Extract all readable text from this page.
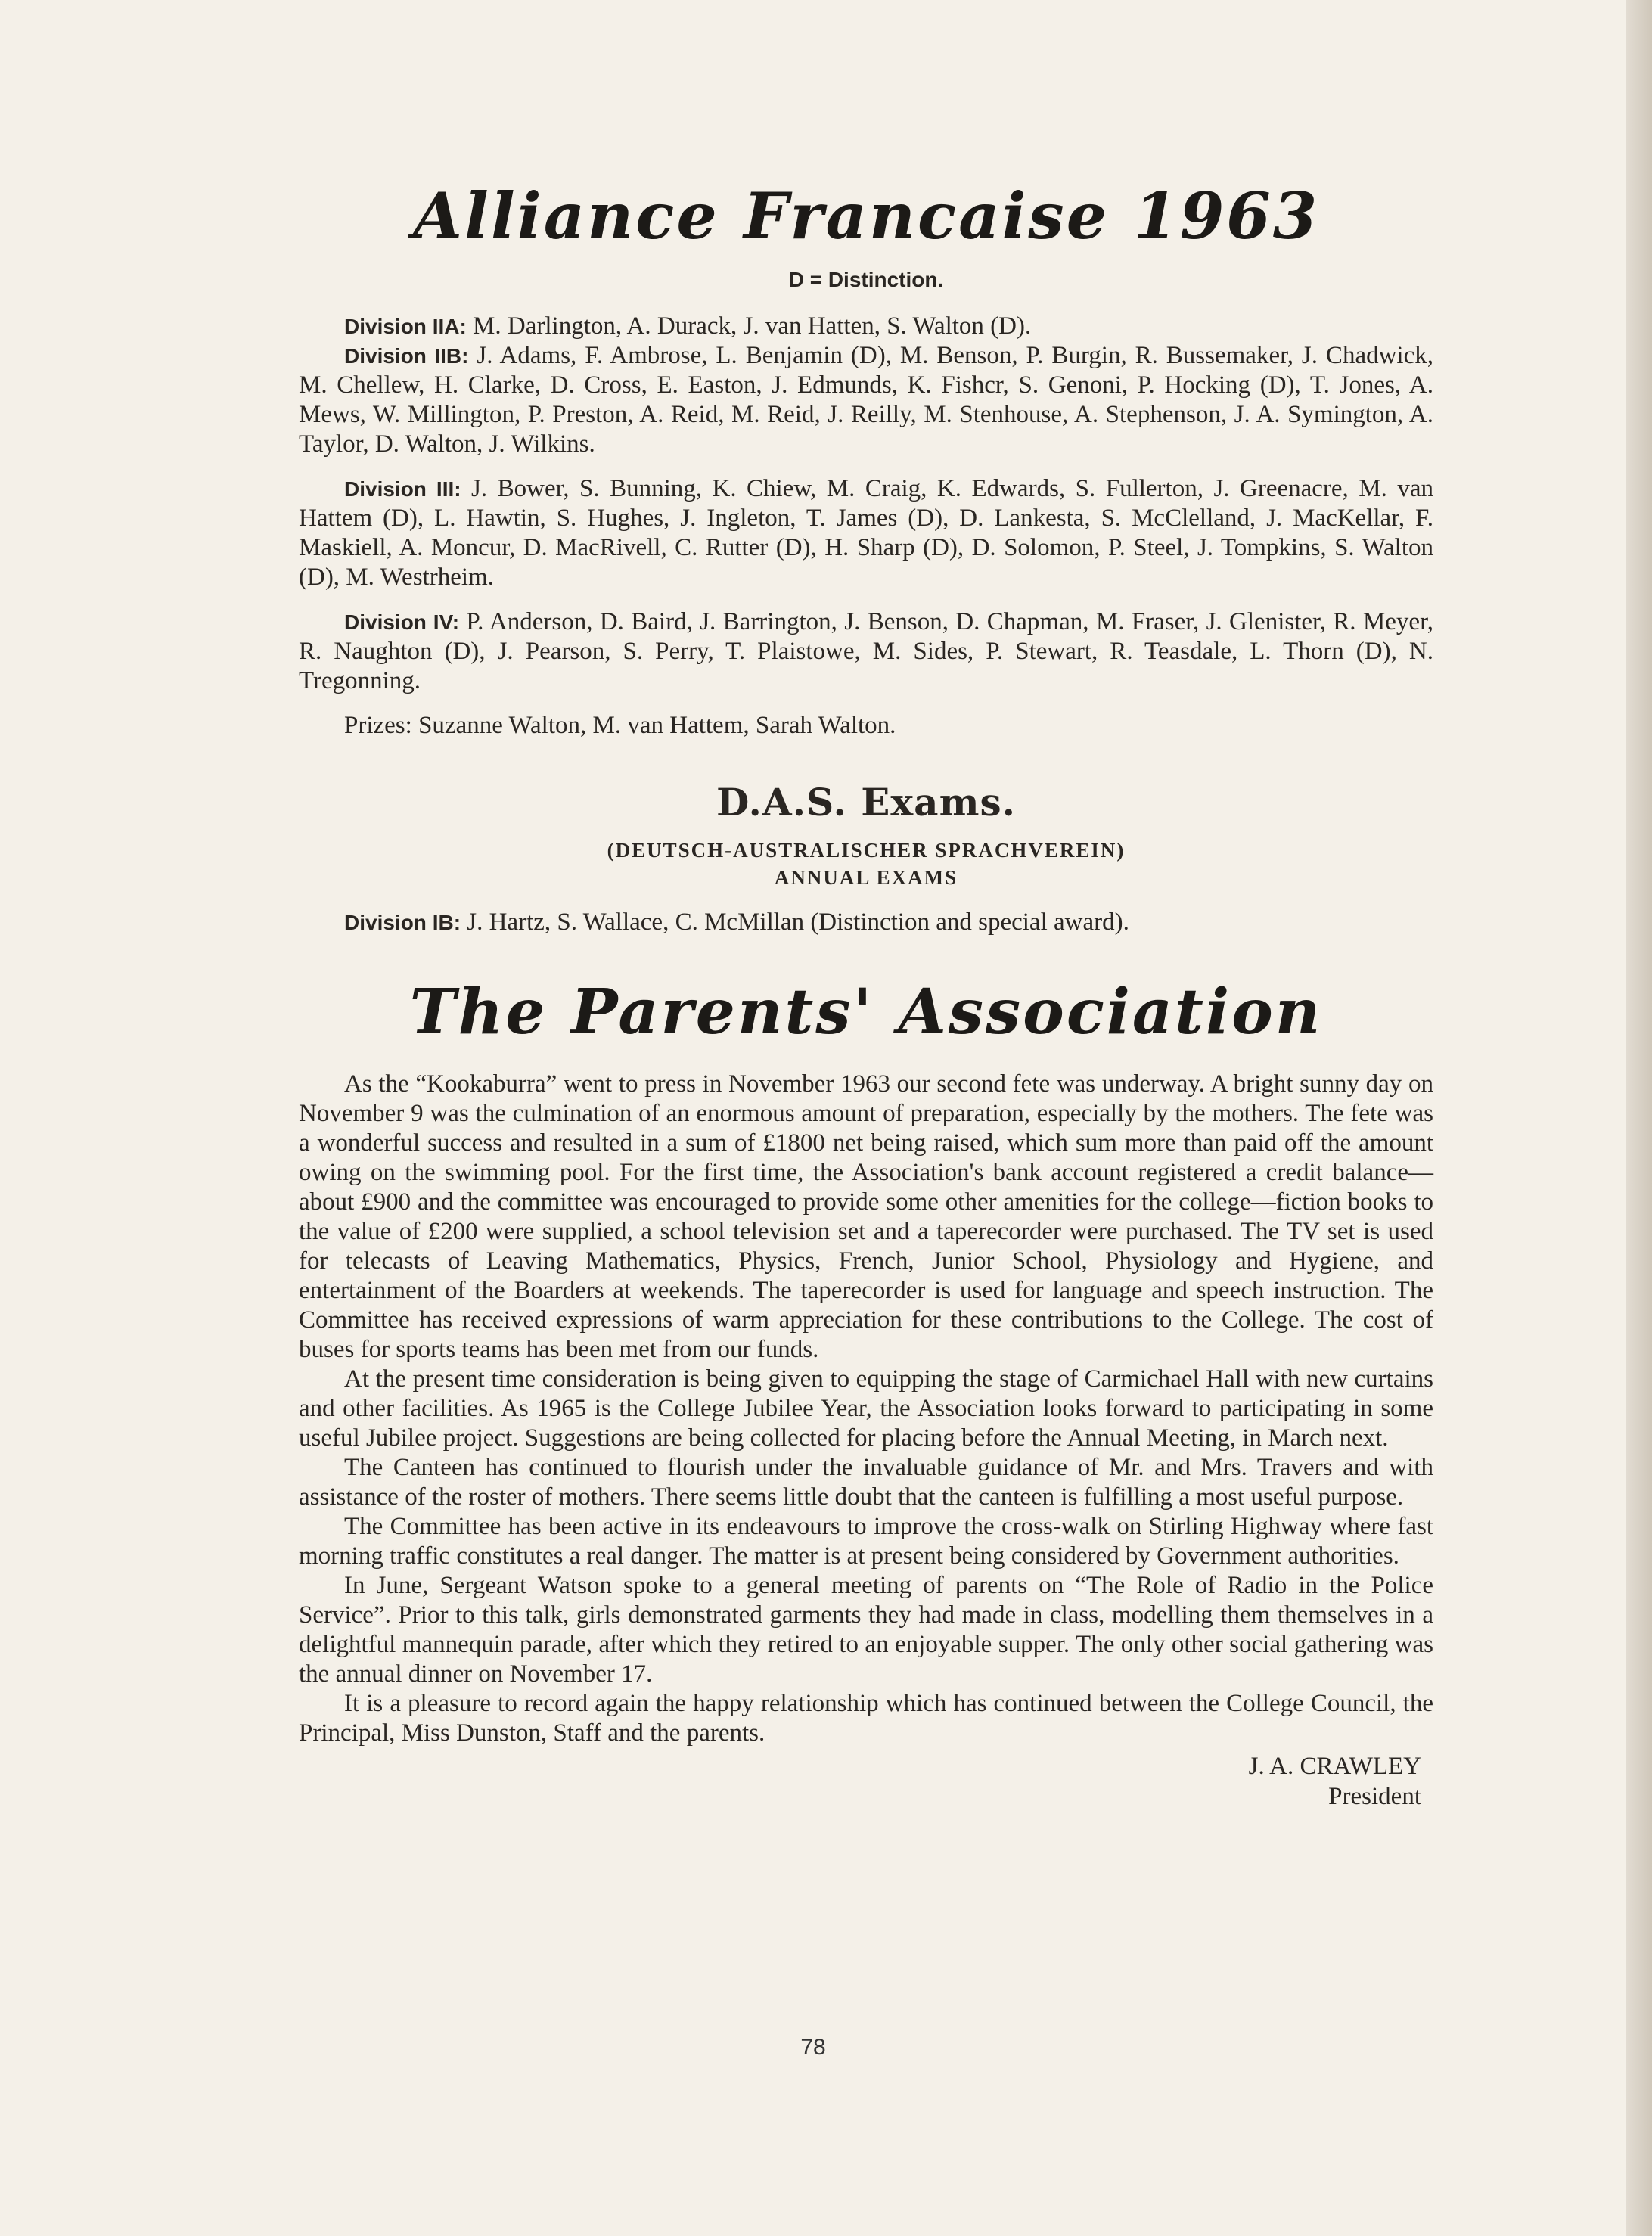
Alliance Francaise 1963
D = Distinction.

Division IIA: M. Darlington, A. Durack, J. van Hatten, S. Walton (D).

Division IIB: J. Adams, F. Ambrose, L. Benjamin (D), M. Benson, P. Burgin, R. Bussemaker, J. Chadwick, M. Chellew, H. Clarke, D. Cross, E. Easton, J. Edmunds, K. Fishcr, S. Genoni, P. Hocking (D), T. Jones, A. Mews, W. Millington, P. Preston, A. Reid, M. Reid, J. Reilly, M. Stenhouse, A. Stephenson, J. A. Symington, A. Taylor, D. Walton, J. Wilkins.

Division III: J. Bower, S. Bunning, K. Chiew, M. Craig, K. Edwards, S. Fullerton, J. Greenacre, M. van Hattem (D), L. Hawtin, S. Hughes, J. Ingleton, T. James (D), D. Lankesta, S. McClelland, J. MacKellar, F. Maskiell, A. Moncur, D. MacRivell, C. Rutter (D), H. Sharp (D), D. Solomon, P. Steel, J. Tompkins, S. Walton (D), M. Westrheim.

Division IV: P. Anderson, D. Baird, J. Barrington, J. Benson, D. Chapman, M. Fraser, J. Glenister, R. Meyer, R. Naughton (D), J. Pearson, S. Perry, T. Plaistowe, M. Sides, P. Stewart, R. Teasdale, L. Thorn (D), N. Tregonning.

Prizes: Suzanne Walton, M. van Hattem, Sarah Walton.

D.A.S. Exams.
(DEUTSCH-AUSTRALISCHER SPRACHVEREIN)
ANNUAL EXAMS

Division IB: J. Hartz, S. Wallace, C. McMillan (Distinction and special award).

The Parents' Association

As the “Kookaburra” went to press in November 1963 our second fete was underway. A bright sunny day on November 9 was the culmination of an enormous amount of preparation, especially by the mothers. The fete was a wonderful success and resulted in a sum of £1800 net being raised, which sum more than paid off the amount owing on the swimming pool. For the first time, the Association's bank account registered a credit balance—about £900 and the committee was encouraged to provide some other amenities for the college—fiction books to the value of £200 were supplied, a school television set and a taperecorder were purchased. The TV set is used for telecasts of Leaving Mathematics, Physics, French, Junior School, Physiology and Hygiene, and entertainment of the Boarders at weekends. The taperecorder is used for language and speech instruction. The Committee has received expressions of warm appreciation for these contributions to the College. The cost of buses for sports teams has been met from our funds.

At the present time consideration is being given to equipping the stage of Carmichael Hall with new curtains and other facilities. As 1965 is the College Jubilee Year, the Association looks forward to participating in some useful Jubilee project. Suggestions are being collected for placing before the Annual Meeting, in March next.

The Canteen has continued to flourish under the invaluable guidance of Mr. and Mrs. Travers and with assistance of the roster of mothers. There seems little doubt that the canteen is fulfilling a most useful purpose.

The Committee has been active in its endeavours to improve the cross-walk on Stirling Highway where fast morning traffic constitutes a real danger. The matter is at present being considered by Government authorities.

In June, Sergeant Watson spoke to a general meeting of parents on “The Role of Radio in the Police Service”. Prior to this talk, girls demonstrated garments they had made in class, modelling them themselves in a delightful mannequin parade, after which they retired to an enjoyable supper. The only other social gathering was the annual dinner on November 17.

It is a pleasure to record again the happy relationship which has continued between the College Council, the Principal, Miss Dunston, Staff and the parents.

J. A. CRAWLEY
President
78
